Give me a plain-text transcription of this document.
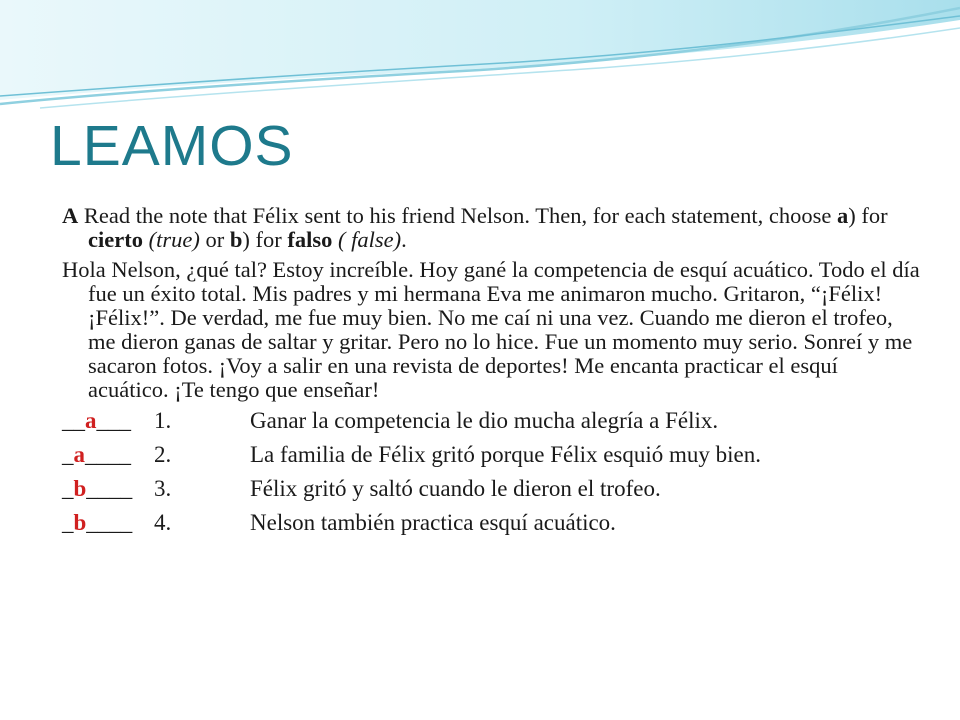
LEAMOS

A Read the note that Félix sent to his friend Nelson. Then, for each statement, choose a) for cierto (true) or b) for falso ( false).

Hola Nelson, ¿qué tal? Estoy increíble. Hoy gané la competencia de esquí acuático. Todo el día fue un éxito total. Mis padres y mi hermana Eva me animaron mucho. Gritaron, “¡Félix!¡Félix!”. De verdad, me fue muy bien. No me caí ni una vez. Cuando me dieron el trofeo, me dieron ganas de saltar y gritar. Pero no lo hice. Fue un momento muy serio. Sonreí y me sacaron fotos. ¡Voy a salir en una revista de deportes! Me encanta practicar el esquí acuático. ¡Te tengo que enseñar!

__a___	1.	Ganar la competencia le dio mucha alegría a Félix.
_a____	2.	La familia de Félix gritó porque Félix esquió muy bien.
_b____ 3.	Félix gritó y saltó cuando le dieron el trofeo.
_b____ 4.	Nelson también practica esquí acuático.
